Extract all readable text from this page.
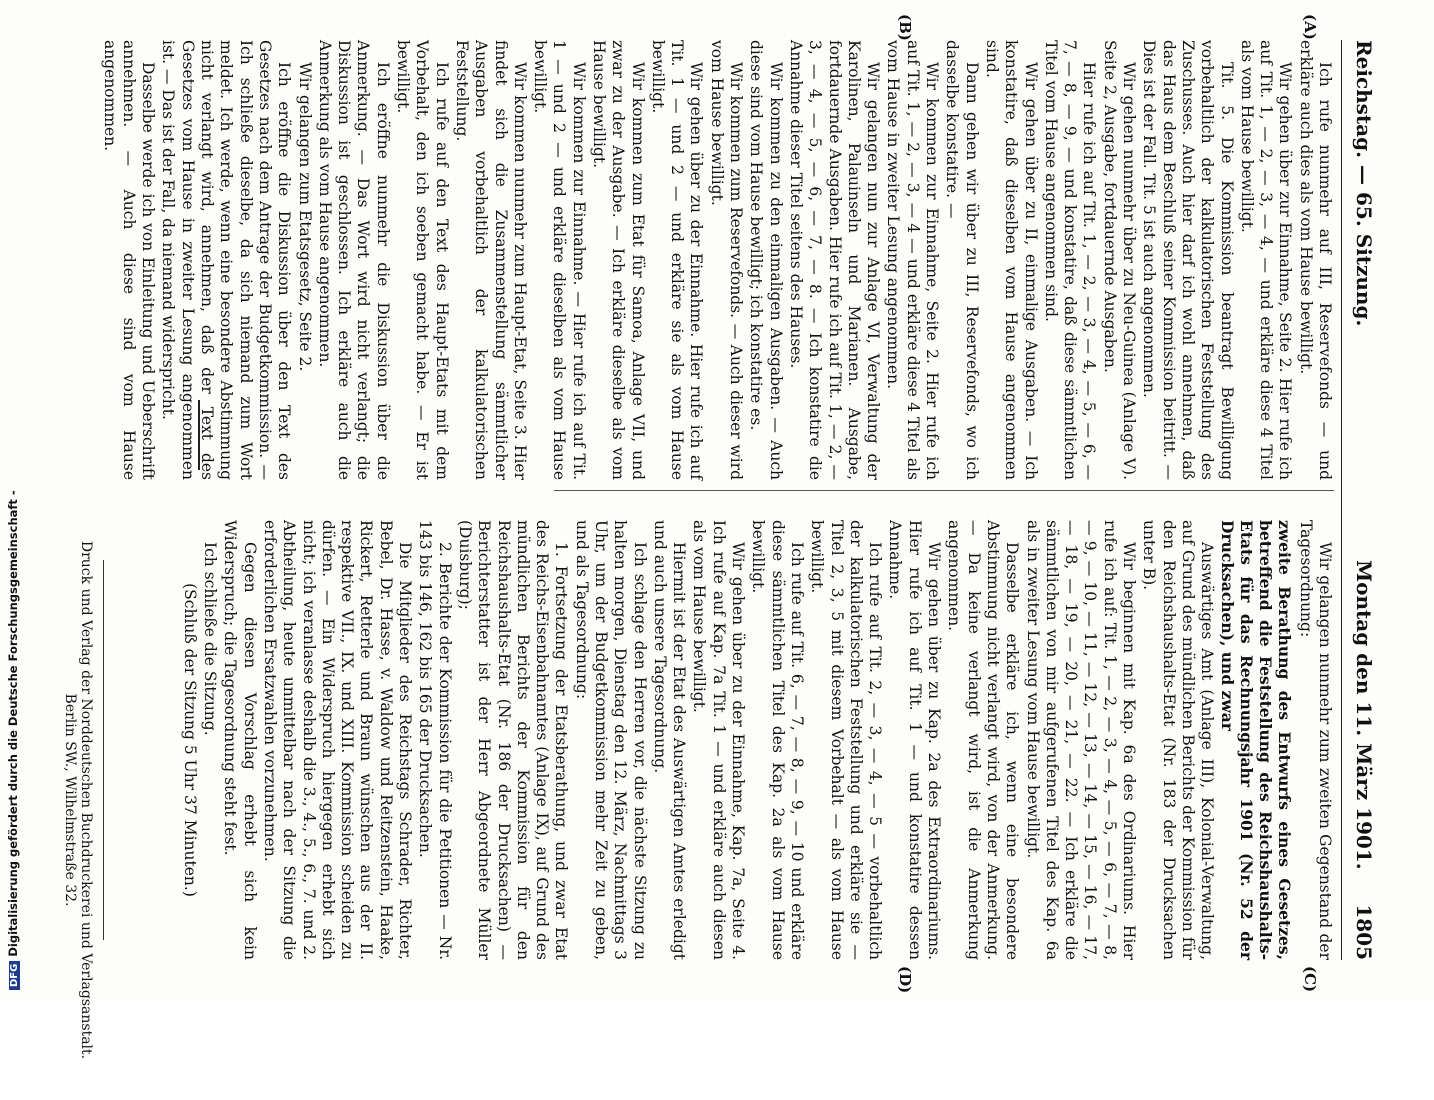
Reichstag. — 65. Sitzung.
Montag den 11. März 1901.
1805
(A)
(B)
(C)
(D)

Ich rufe nunmehr auf III, Reservefonds — und erkläre auch dies als vom Hause bewilligt.

Wir gehen über zur Einnahme, Seite 2. Hier rufe ich auf Tit. 1, — 2, — 3, — 4, — und erkläre diese 4 Titel als vom Hause bewilligt.

Tit. 5. Die Kommission beantragt Bewilligung vorbehaltlich der kalkulatorischen Feststellung des Zuschusses. Auch hier darf ich wohl annehmen, daß das Haus dem Beschluß seiner Kommission beitritt. — Dies ist der Fall. Tit. 5 ist auch angenommen.

Wir gehen nunmehr über zu Neu-Guinea (Anlage V). Seite 2, Ausgabe, fortdauernde Ausgaben.

Hier rufe ich auf Tit. 1, — 2, — 3, — 4, — 5, — 6, — 7, — 8, — 9, — und konstatire, daß diese sämmtlichen Titel vom Hause angenommen sind.

Wir gehen über zu II, einmalige Ausgaben. — Ich konstatire, daß dieselben vom Hause angenommen sind.

Dann gehen wir über zu III, Reservefonds, wo ich dasselbe konstatire. —

Wir kommen zur Einnahme, Seite 2. Hier rufe ich auf Tit. 1, — 2, — 3, — 4 — und erkläre diese 4 Titel als vom Hause in zweiter Lesung angenommen.

Wir gelangen nun zur Anlage VI, Verwaltung der Karolinen, Palauinseln und Marianen. Ausgabe, fortdauernde Ausgaben. Hier rufe ich auf Tit. 1, — 2, — 3, — 4, — 5, — 6, — 7, — 8. — Ich konstatire die Annahme dieser Titel seitens des Hauses.

Wir kommen zu den einmaligen Ausgaben. — Auch diese sind vom Hause bewilligt; ich konstatire es.

Wir kommen zum Reservefonds. — Auch dieser wird vom Hause bewilligt.

Wir gehen über zu der Einnahme. Hier rufe ich auf Tit. 1 — und 2 — und erkläre sie als vom Hause bewilligt.

Wir kommen zum Etat für Samoa, Anlage VII, und zwar zu der Ausgabe. — Ich erkläre dieselbe als vom Hause bewilligt.

Wir kommen zur Einnahme. — Hier rufe ich auf Tit. 1 — und 2 — und erkläre dieselben als vom Hause bewilligt.

Wir kommen nunmehr zum Haupt-Etat, Seite 3. Hier findet sich die Zusammenstellung sämmtlicher Ausgaben vorbehaltlich der kalkulatorischen Feststellung.

Ich rufe auf den Text des Haupt-Etats mit dem Vorbehalt, den ich soeben gemacht habe. — Er ist bewilligt.

Ich eröffne nunmehr die Diskussion über die Anmerkung. — Das Wort wird nicht verlangt; die Diskussion ist geschlossen. Ich erkläre auch die Anmerkung als vom Hause angenommen.

Wir gelangen zum Etatsgesetz, Seite 2.

Ich eröffne die Diskussion über den Text des Gesetzes nach dem Antrage der Budgetkommission. — Ich schließe dieselbe, da sich niemand zum Wort meldet. Ich werde, wenn eine besondere Abstimmung nicht verlangt wird, annehmen, daß der Text des Gesetzes vom Hause in zweiter Lesung angenommen ist. — Das ist der Fall, da niemand widerspricht.

Dasselbe werde ich von Einleitung und Ueberschrift annehmen. — Auch diese sind vom Hause angenommen.

Wir gelangen nunmehr zum zweiten Gegenstand der Tagesordnung:

zweite Berathung des Entwurfs eines Gesetzes, betreffend die Feststellung des Reichshaushalts-Etats für das Rechnungsjahr 1901 (Nr. 52 der Drucksachen), und zwar

Auswärtiges Amt (Anlage III), Kolonial-Verwaltung, auf Grund des mündlichen Berichts der Kommission für den Reichshaushalts-Etat (Nr. 183 der Drucksachen unter B).

Wir beginnen mit Kap. 6a des Ordinariums. Hier rufe ich auf: Tit. 1, — 2, — 3, — 4, — 5, — 6, — 7, — 8, — 9, — 10, — 11, — 12, — 13, — 14, — 15, — 16, — 17, — 18, — 19, — 20, — 21, — 22. — Ich erkläre die sämmtlichen von mir aufgerufenen Titel des Kap. 6a als in zweiter Lesung vom Hause bewilligt.

Dasselbe erkläre ich, wenn eine besondere Abstimmung nicht verlangt wird, von der Anmerkung. — Da keine verlangt wird, ist die Anmerkung angenommen.

Wir gehen über zu Kap. 2a des Extraordinariums. Hier rufe ich auf Tit. 1 — und konstatire dessen Annahme.

Ich rufe auf Tit. 2, — 3, — 4, — 5 — vorbehaltlich der kalkulatorischen Feststellung und erkläre sie — Titel 2, 3, 5 mit diesem Vorbehalt — als vom Hause bewilligt.

Ich rufe auf Tit. 6, — 7, — 8, — 9, — 10 und erkläre diese sämmtlichen Titel des Kap. 2a als vom Hause bewilligt.

Wir gehen über zu der Einnahme, Kap. 7a, Seite 4. Ich rufe auf Kap. 7a Tit. 1 — und erkläre auch diesen als vom Hause bewilligt.

Hiermit ist der Etat des Auswärtigen Amtes erledigt und auch unsere Tagesordnung.

Ich schlage den Herren vor, die nächste Sitzung zu halten morgen, Dienstag den 12. März, Nachmittags 3 Uhr, um der Budgetkommission mehr Zeit zu geben, und als Tagesordnung:

1. Fortsetzung der Etatsberathung, und zwar Etat des Reichs-Eisenbahnamtes (Anlage IX), auf Grund des mündlichen Berichts der Kommission für den Reichshaushalts-Etat (Nr. 186 der Drucksachen) — Berichterstatter ist der Herr Abgeordnete Müller (Duisburg);

2. Berichte der Kommission für die Petitionen — Nr. 143 bis 146, 162 bis 165 der Drucksachen.

Die Mitglieder des Reichstags Schrader, Richter, Bebel, Dr. Hasse, v. Waldow und Reitzenstein, Haake, Rickert, Retterle und Braun wünschen aus der II. respektive VII., IX. und XIII. Kommission scheiden zu dürfen. — Ein Widerspruch hiergegen erhebt sich nicht; ich veranlasse deshalb die 3., 4., 5., 6., 7. und 2. Abtheilung, heute unmittelbar nach der Sitzung die erforderlichen Ersatzwahlen vorzunehmen.

Gegen diesen Vorschlag erhebt sich kein Widerspruch; die Tagesordnung steht fest.

Ich schließe die Sitzung.

(Schluß der Sitzung 5 Uhr 37 Minuten.)

Druck und Verlag der Norddeutschen Buchdruckerei und Verlagsanstalt.
Berlin SW., Wilhelmstraße 32.
DFGDigitalisierung gefördert durch die Deutsche Forschungsgemeinschaft -
